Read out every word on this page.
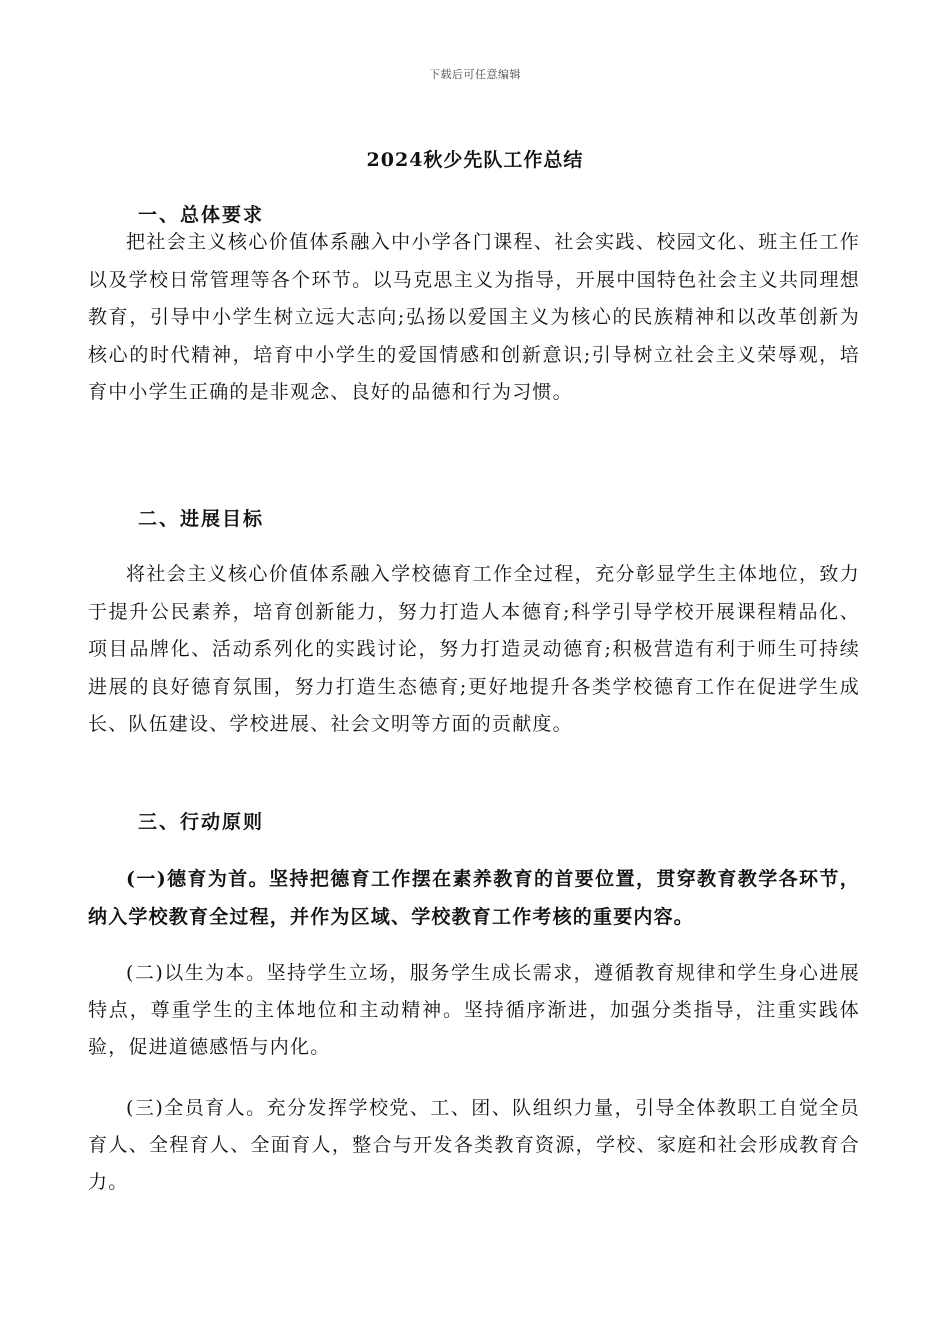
下载后可任意编辑
2024秋少先队工作总结

一、总体要求

把社会主义核心价值体系融入中小学各门课程、社会实践、校园文化、班主任工作以及学校日常管理等各个环节。以马克思主义为指导，开展中国特色社会主义共同理想教育，引导中小学生树立远大志向;弘扬以爱国主义为核心的民族精神和以改革创新为核心的时代精神，培育中小学生的爱国情感和创新意识;引导树立社会主义荣辱观，培育中小学生正确的是非观念、良好的品德和行为习惯。

二、进展目标

将社会主义核心价值体系融入学校德育工作全过程，充分彰显学生主体地位，致力于提升公民素养，培育创新能力，努力打造人本德育;科学引导学校开展课程精品化、项目品牌化、活动系列化的实践讨论，努力打造灵动德育;积极营造有利于师生可持续进展的良好德育氛围，努力打造生态德育;更好地提升各类学校德育工作在促进学生成长、队伍建设、学校进展、社会文明等方面的贡献度。

三、行动原则

(一)德育为首。坚持把德育工作摆在素养教育的首要位置，贯穿教育教学各环节，纳入学校教育全过程，并作为区域、学校教育工作考核的重要内容。

(二)以生为本。坚持学生立场，服务学生成长需求，遵循教育规律和学生身心进展特点，尊重学生的主体地位和主动精神。坚持循序渐进，加强分类指导，注重实践体验，促进道德感悟与内化。

(三)全员育人。充分发挥学校党、工、团、队组织力量，引导全体教职工自觉全员育人、全程育人、全面育人，整合与开发各类教育资源，学校、家庭和社会形成教育合力。
